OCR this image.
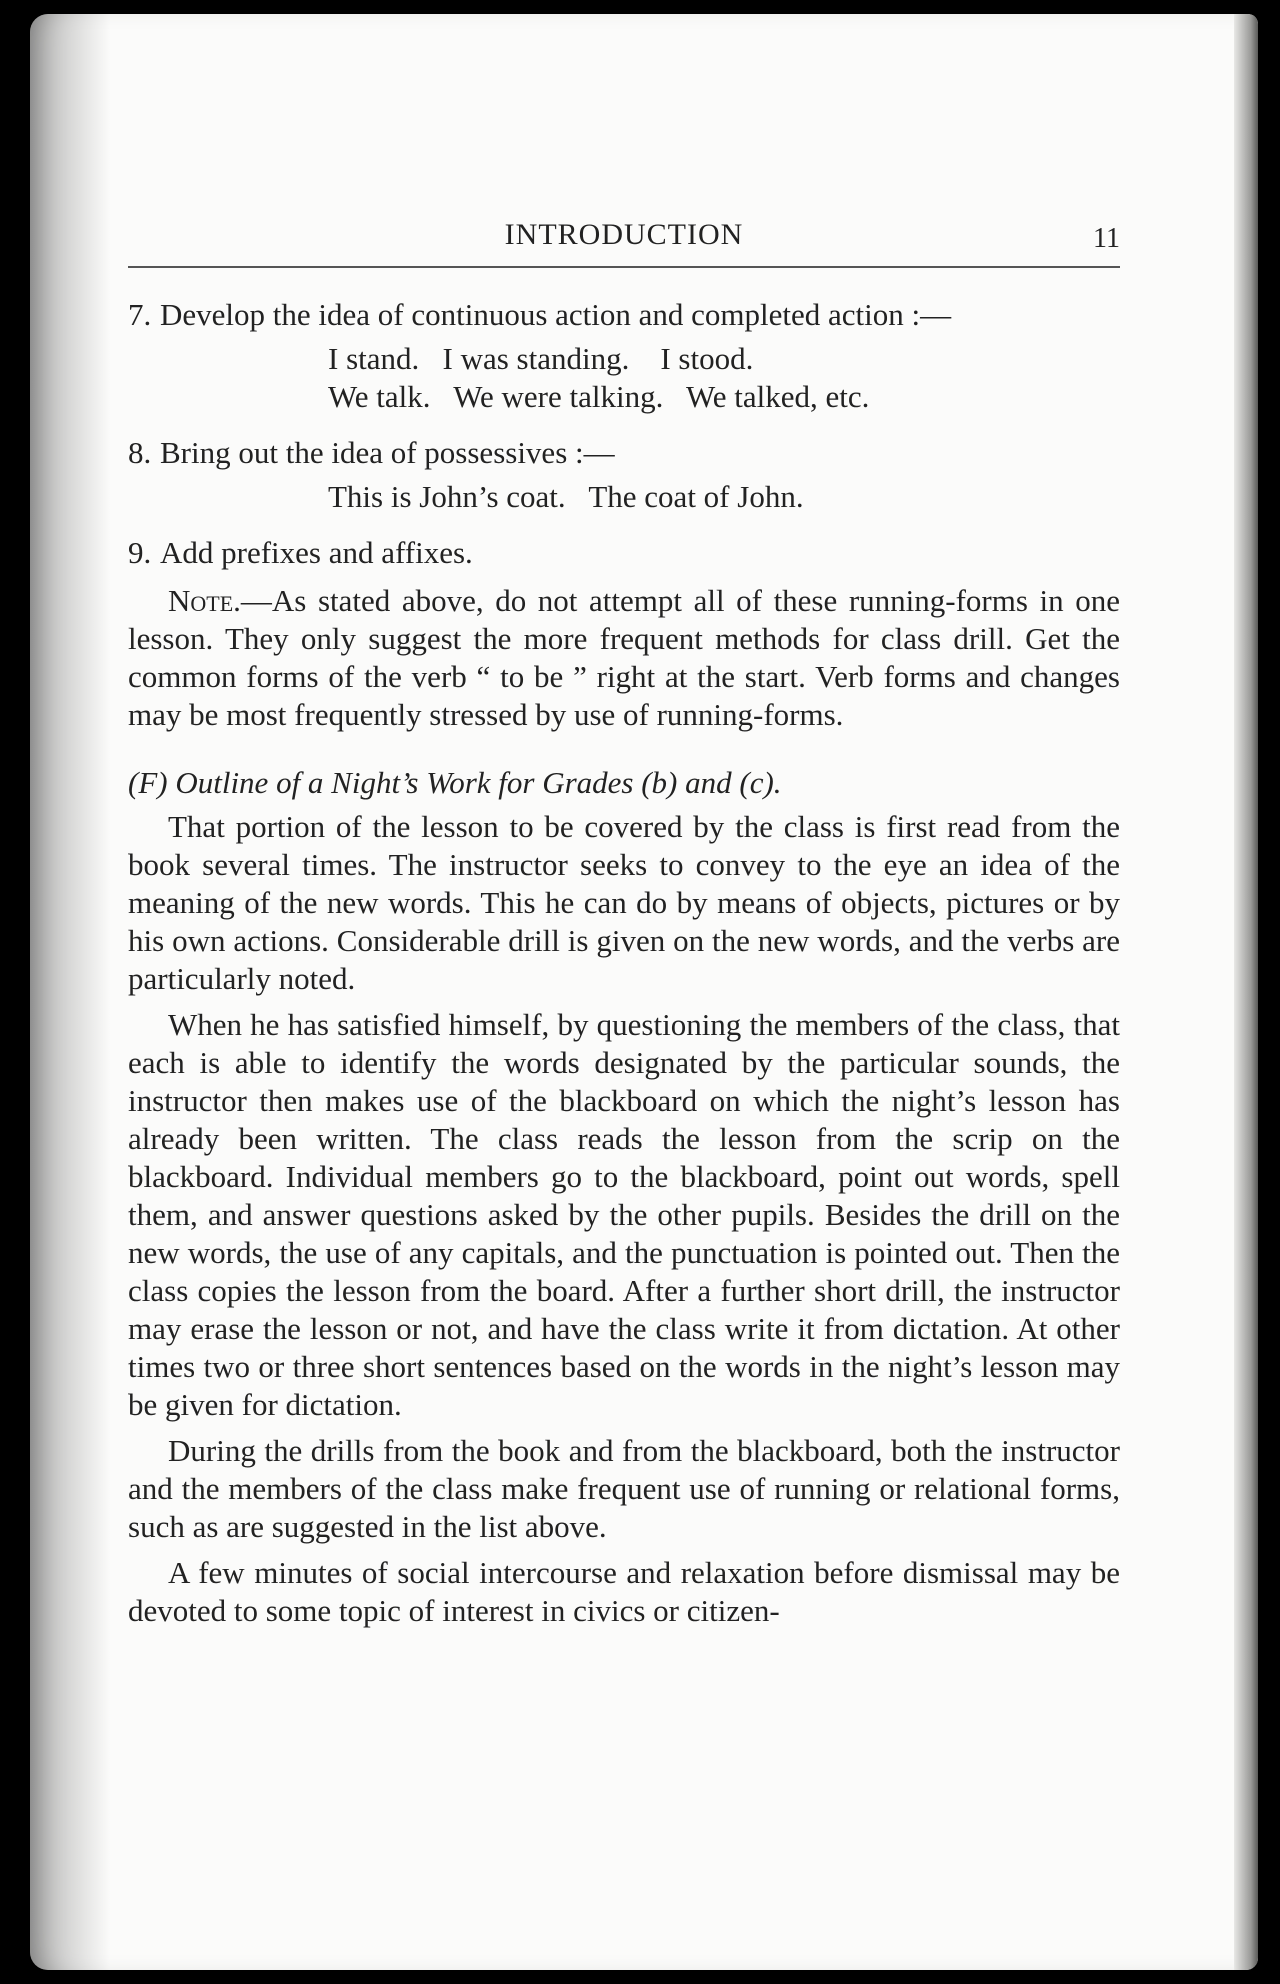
INTRODUCTION	11
7. Develop the idea of continuous action and completed action :—
I stand.   I was standing.    I stood.
We talk.   We were talking.   We talked, etc.
8. Bring out the idea of possessives :—
This is John’s coat.   The coat of John.
9. Add prefixes and affixes.

Note.—As stated above, do not attempt all of these running-forms in one lesson. They only suggest the more frequent methods for class drill. Get the common forms of the verb “ to be ” right at the start. Verb forms and changes may be most frequently stressed by use of running-forms.

(F) Outline of a Night’s Work for Grades (b) and (c).

That portion of the lesson to be covered by the class is first read from the book several times. The instructor seeks to convey to the eye an idea of the meaning of the new words. This he can do by means of objects, pictures or by his own actions. Considerable drill is given on the new words, and the verbs are particularly noted.

When he has satisfied himself, by questioning the members of the class, that each is able to identify the words designated by the particular sounds, the instructor then makes use of the blackboard on which the night’s lesson has already been written. The class reads the lesson from the scrip on the blackboard. Individual members go to the blackboard, point out words, spell them, and answer questions asked by the other pupils. Besides the drill on the new words, the use of any capitals, and the punctuation is pointed out. Then the class copies the lesson from the board. After a further short drill, the instructor may erase the lesson or not, and have the class write it from dictation. At other times two or three short sentences based on the words in the night’s lesson may be given for dictation.

During the drills from the book and from the blackboard, both the instructor and the members of the class make frequent use of running or relational forms, such as are suggested in the list above.

A few minutes of social intercourse and relaxation before dismissal may be devoted to some topic of interest in civics or citizen-
